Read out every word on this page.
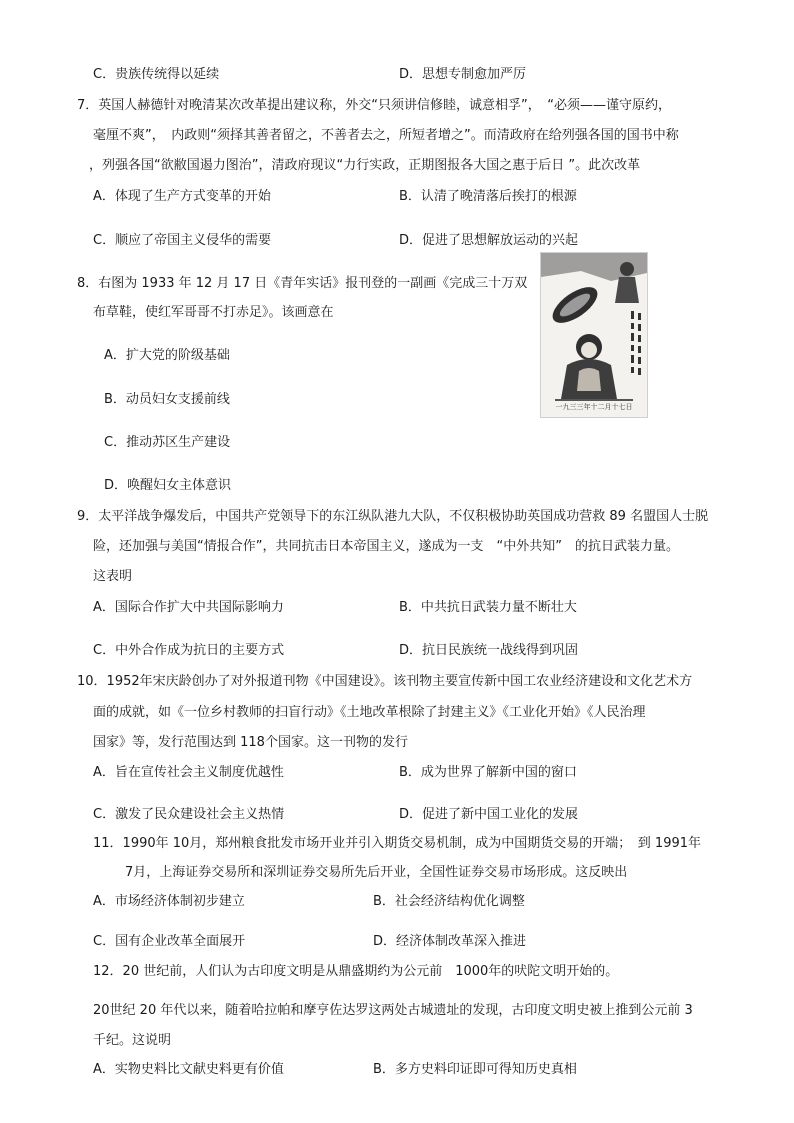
C．贵族传统得以延续	D．思想专制愈加严厉
7．英国人赫德针对晚清某次改革提出建议称，外交“只须讲信修睦，诚意相孚”，　“必须——谨守原约，
毫厘不爽”，　内政则“须择其善者留之，不善者去之，所短者增之”。而清政府在给列强各国的国书中称
，列强各国“欲敝国遏力图治”，清政府现议“力行实政，正期图报各大国之惠于后日 ”。此次改革
A．体现了生产方式变革的开始	B．认清了晚清落后挨打的根源
C．顺应了帝国主义侵华的需要	D．促进了思想解放运动的兴起
8．右图为 1933 年 12 月 17 日《青年实话》报刊登的一副画《完成三十万双
布草鞋，使红军哥哥不打赤足》。该画意在
A．扩大党的阶级基础
B．动员妇女支援前线
C．推动苏区生产建设
D．唤醒妇女主体意识
一九三三年十二月十七日
9．太平洋战争爆发后，中国共产党领导下的东江纵队港九大队，不仅积极协助英国成功营救 89 名盟国人士脱
险，还加强与美国“情报合作”，共同抗击日本帝国主义，遂成为一支　“中外共知”　的抗日武装力量。
这表明
A．国际合作扩大中共国际影响力	B．中共抗日武装力量不断壮大
C．中外合作成为抗日的主要方式	D．抗日民族统一战线得到巩固
10．1952年宋庆龄创办了对外报道刊物《中国建设》。该刊物主要宣传新中国工农业经济建设和文化艺术方
面的成就，如《一位乡村教师的扫盲行动》《土地改革根除了封建主义》《工业化开始》《人民治理
国家》等，发行范围达到 118个国家。这一刊物的发行
A．旨在宣传社会主义制度优越性	B．成为世界了解新中国的窗口
C．激发了民众建设社会主义热情	D．促进了新中国工业化的发展
11．1990年 10月，郑州粮食批发市场开业并引入期货交易机制，成为中国期货交易的开端；　到 1991年
7月，上海证券交易所和深圳证券交易所先后开业，全国性证券交易市场形成。这反映出
A．市场经济体制初步建立	B．社会经济结构优化调整
C．国有企业改革全面展开	D．经济体制改革深入推进
12．20 世纪前，人们认为古印度文明是从鼎盛期约为公元前　1000年的吠陀文明开始的。
20世纪 20 年代以来，随着哈拉帕和摩亨佐达罗这两处古城遗址的发现，古印度文明史被上推到公元前 3
千纪。这说明
A．实物史料比文献史料更有价值	B．多方史料印证即可得知历史真相
